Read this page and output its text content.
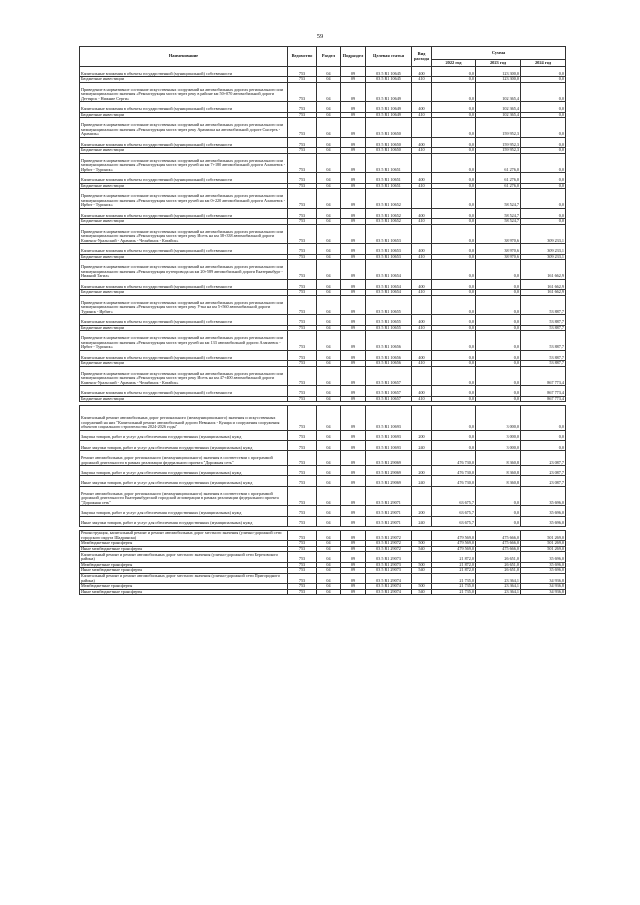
59
Наименование	Ведомство	Раздел	Подраздел	Целевая статья	Вид расхода	Сумма		
						2022 год	2023 год	2024 год
Капитальные вложения в объекты государственной (муниципальной) собственности	753	04	09	03 5 R1 10645	400	0,0	123 300,0	0,0
Бюджетные инвестиции	753	04	09	03 5 R1 10645	410	0,0	123 300,0	0,0
Приведение в нормативное состояние искусственных сооружений на автомобильных дорогах регионального или межмуниципального значения «Реконструкция моста через реку в районе км 50+070 автомобильной дороги Дегтярск - Нижние Серги»	753	04	09	03 5 R1 10649		0,0	102 365,4	0,0
Капитальные вложения в объекты государственной (муниципальной) собственности	753	04	09	03 5 R1 10649	400	0,0	102 365,4	0,0
Бюджетные инвестиции	753	04	09	03 5 R1 10649	410	0,0	102 365,4	0,0
Приведение в нормативное состояние искусственных сооружений на автомобильных дорогах регионального или межмуниципального значения «Реконструкция моста через реку Арамилка на автомобильной дороге Сысерть - Арамиль»	753	04	09	03 5 R1 10650		0,0	159 952,3	0,0
Капитальные вложения в объекты государственной (муниципальной) собственности	753	04	09	03 5 R1 10650	400	0,0	159 952,3	0,0
Бюджетные инвестиции	753	04	09	03 5 R1 10650	410	0,0	159 952,3	0,0
Приведение в нормативное состояние искусственных сооружений на автомобильных дорогах регионального или межмуниципального значения «Реконструкция моста через ручей на км 7+180 автомобильной дороги Алапаевск - Ирбит - Туринск»	753	04	09	03 5 R1 10651		0,0	61 276,0	0,0
Капитальные вложения в объекты государственной (муниципальной) собственности	753	04	09	03 5 R1 10651	400	0,0	61 276,0	0,0
Бюджетные инвестиции	753	04	09	03 5 R1 10651	410	0,0	61 276,0	0,0
Приведение в нормативное состояние искусственных сооружений на автомобильных дорогах регионального или межмуниципального значения «Реконструкция моста через ручей на км 0+220 автомобильной дороги Алапаевск - Ирбит - Туринск»	753	04	09	03 5 R1 10652		0,0	58 524,7	0,0
Капитальные вложения в объекты государственной (муниципальной) собственности	753	04	09	03 5 R1 10652	400	0,0	58 524,7	0,0
Бюджетные инвестиции	753	04	09	03 5 R1 10652	410	0,0	58 524,7	0,0
Приведение в нормативное состояние искусственных сооружений на автомобильных дорогах регионального или межмуниципального значения «Реконструкция моста через реку Исеть на км 38+338 автомобильной дороги Каменск-Уральский - Арамиль - Челябинск - Катайск»	753	04	09	03 5 R1 10653		0,0	38 970,6	309 233,1
Капитальные вложения в объекты государственной (муниципальной) собственности	753	04	09	03 5 R1 10653	400	0,0	38 970,6	309 233,1
Бюджетные инвестиции	753	04	09	03 5 R1 10653	410	0,0	38 970,6	309 233,1
Приведение в нормативное состояние искусственных сооружений на автомобильных дорогах регионального или межмуниципального значения «Реконструкция путепровода на км 20+589 автомобильной дороги Екатеринбург - Нижний Тагил»	753	04	09	03 5 R1 10654		0,0	0,0	161 662,9
Капитальные вложения в объекты государственной (муниципальной) собственности	753	04	09	03 5 R1 10654	400	0,0	0,0	161 662,9
Бюджетные инвестиции	753	04	09	03 5 R1 10654	410	0,0	0,0	161 662,9
Приведение в нормативное состояние искусственных сооружений на автомобильных дорогах регионального или межмуниципального значения «Реконструкция моста через реку Утка на км 5+560 автомобильной дороги Туринск - Ирбит»	753	04	09	03 5 R1 10655		0,0	0,0	53 887,7
Капитальные вложения в объекты государственной (муниципальной) собственности	753	04	09	03 5 R1 10655	400	0,0	0,0	53 887,7
Бюджетные инвестиции	753	04	09	03 5 R1 10655	410	0,0	0,0	53 887,7
Приведение в нормативное состояние искусственных сооружений на автомобильных дорогах регионального или межмуниципального значения «Реконструкция моста через ручей на км 133 автомобильной дороги Алапаевск - Ирбит - Туринск»	753	04	09	03 5 R1 10656		0,0	0,0	53 887,7
Капитальные вложения в объекты государственной (муниципальной) собственности	753	04	09	03 5 R1 10656	400	0,0	0,0	53 887,7
Бюджетные инвестиции	753	04	09	03 5 R1 10656	410	0,0	0,0	53 887,7
Приведение в нормативное состояние искусственных сооружений на автомобильных дорогах регионального или межмуниципального значения «Реконструкция моста через реку Исеть на км 47+400 автомобильной дороги Каменск-Уральский - Арамиль - Челябинск - Катайск»	753	04	09	03 5 R1 10657		0,0	0,0	867 773,4
Капитальные вложения в объекты государственной (муниципальной) собственности	753	04	09	03 5 R1 10657	400	0,0	0,0	867 773,4
Бюджетные инвестиции	753	04	09	03 5 R1 10657	410	0,0	0,0	867 773,4

Капитальный ремонт автомобильных дорог регионального (межмуниципального) значения и искусственных сооружений на них "Капитальный ремонт автомобильной дороги Невьянск - Кунара и сооружения сооружения объектов социального строительства 2024-2026 годы"	753	04	09	03 5 R1 10693		0,0	3 000,0	0,0
Закупка товаров, работ и услуг для обеспечения государственных (муниципальных) нужд	753	04	09	03 5 R1 10693	200	0,0	3 000,0	0,0
Иные закупки товаров, работ и услуг для обеспечения государственных (муниципальных) нужд	753	04	09	03 5 R1 10693	240	0,0	3 000,0	0,0
Ремонт автомобильных дорог регионального (межмуниципального) значения в соответствии с программой дорожной деятельности в рамках реализации федерального проекта "Дорожная сеть"	753	04	09	03 5 R1 29069		476 730,0	8 360,8	23 087,7
Закупка товаров, работ и услуг для обеспечения государственных (муниципальных) нужд	753	04	09	03 5 R1 29069	200	476 730,0	8 360,8	23 087,7
Иные закупки товаров, работ и услуг для обеспечения государственных (муниципальных) нужд	753	04	09	03 5 R1 29069	240	476 730,0	8 360,8	23 087,7
Ремонт автомобильных дорог регионального (межмуниципального) значения в соответствии с программой дорожной деятельности Екатеринбургской городской агломерации в рамках реализации федерального проекта "Дорожная сеть"	753	04	09	03 5 R1 29071		63 675,7	0,0	35 696,0
Закупка товаров, работ и услуг для обеспечения государственных (муниципальных) нужд	753	04	09	03 5 R1 29071	200	63 675,7	0,0	35 696,0
Иные закупки товаров, работ и услуг для обеспечения государственных (муниципальных) нужд	753	04	09	03 5 R1 29071	240	63 675,7	0,0	35 696,0

Реконструкция, капитальный ремонт и ремонт автомобильных дорог местного значения (улично-дорожной сети городского округа Шадринска)	753	04	09	03 5 R1 29072		479 569,0	475 666,0	501 269,0
Межбюджетные трансферты	753	04	09	03 5 R1 29072	500	479 569,0	475 666,0	501 269,0
Иные межбюджетные трансферты	753	04	09	03 5 R1 29072	540	479 569,0	475 666,0	501 269,0
Капитальный ремонт и ремонт автомобильных дорог местного значения (улично-дорожной сети Березовского района)	753	04	09	03 5 R1 29073		21 872,0	26 651,0	35 696,0
Межбюджетные трансферты	753	04	09	03 5 R1 29073	500	21 872,0	26 651,0	35 696,0
Иные межбюджетные трансферты	753	04	09	03 5 R1 29073	540	21 872,0	26 651,0	35 696,0
Капитальный ремонт и ремонт автомобильных дорог местного значения (улично-дорожной сети Пригородного района)	753	04	09	03 5 R1 29074		21 735,0	23 364,1	34 936,8
Межбюджетные трансферты	753	04	09	03 5 R1 29074	500	21 735,0	23 364,1	34 936,8
Иные межбюджетные трансферты	753	04	09	03 5 R1 29074	540	21 735,0	23 364,1	34 936,8
